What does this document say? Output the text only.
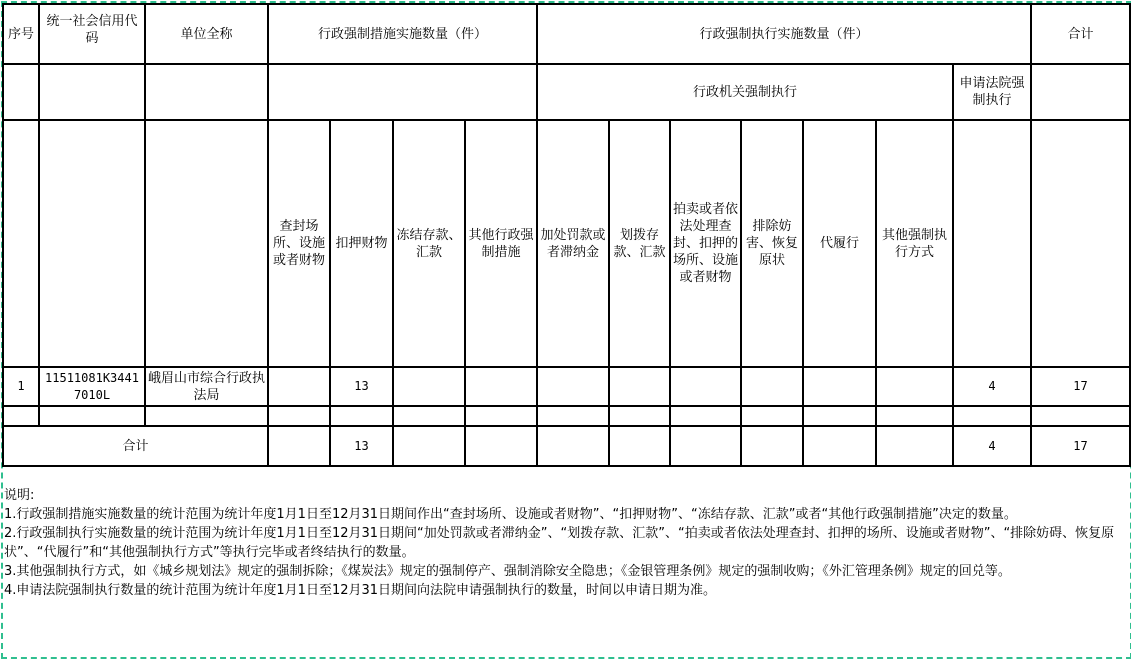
序号	统一社会信用代码	单位全称	行政强制措施实施数量（件）				行政强制执行实施数量（件）							合计
							行政机关强制执行						申请法院强制执行	
			查封场所、设施或者财物	扣押财物	冻结存款、汇款	其他行政强制措施	加处罚款或者滞纳金	划拨存款、汇款	拍卖或者依法处理查封、扣押的场所、设施或者财物	排除妨害、恢复原状	代履行	其他强制执行方式		
1	11511081K34417010L	峨眉山市综合行政执法局		13									4	17

合计				13									4	17
说明:
1.行政强制措施实施数量的统计范围为统计年度1月1日至12月31日期间作出“查封场所、设施或者财物”、“扣押财物”、“冻结存款、汇款”或者“其他行政强制措施”决定的数量。
2.行政强制执行实施数量的统计范围为统计年度1月1日至12月31日期间“加处罚款或者滞纳金”、“划拨存款、汇款”、“拍卖或者依法处理查封、扣押的场所、设施或者财物”、“排除妨碍、恢复原状”、“代履行”和“其他强制执行方式”等执行完毕或者终结执行的数量。
3.其他强制执行方式，如《城乡规划法》规定的强制拆除；《煤炭法》规定的强制停产、强制消除安全隐患；《金银管理条例》规定的强制收购；《外汇管理条例》规定的回兑等。
4.申请法院强制执行数量的统计范围为统计年度1月1日至12月31日期间向法院申请强制执行的数量，时间以申请日期为准。
